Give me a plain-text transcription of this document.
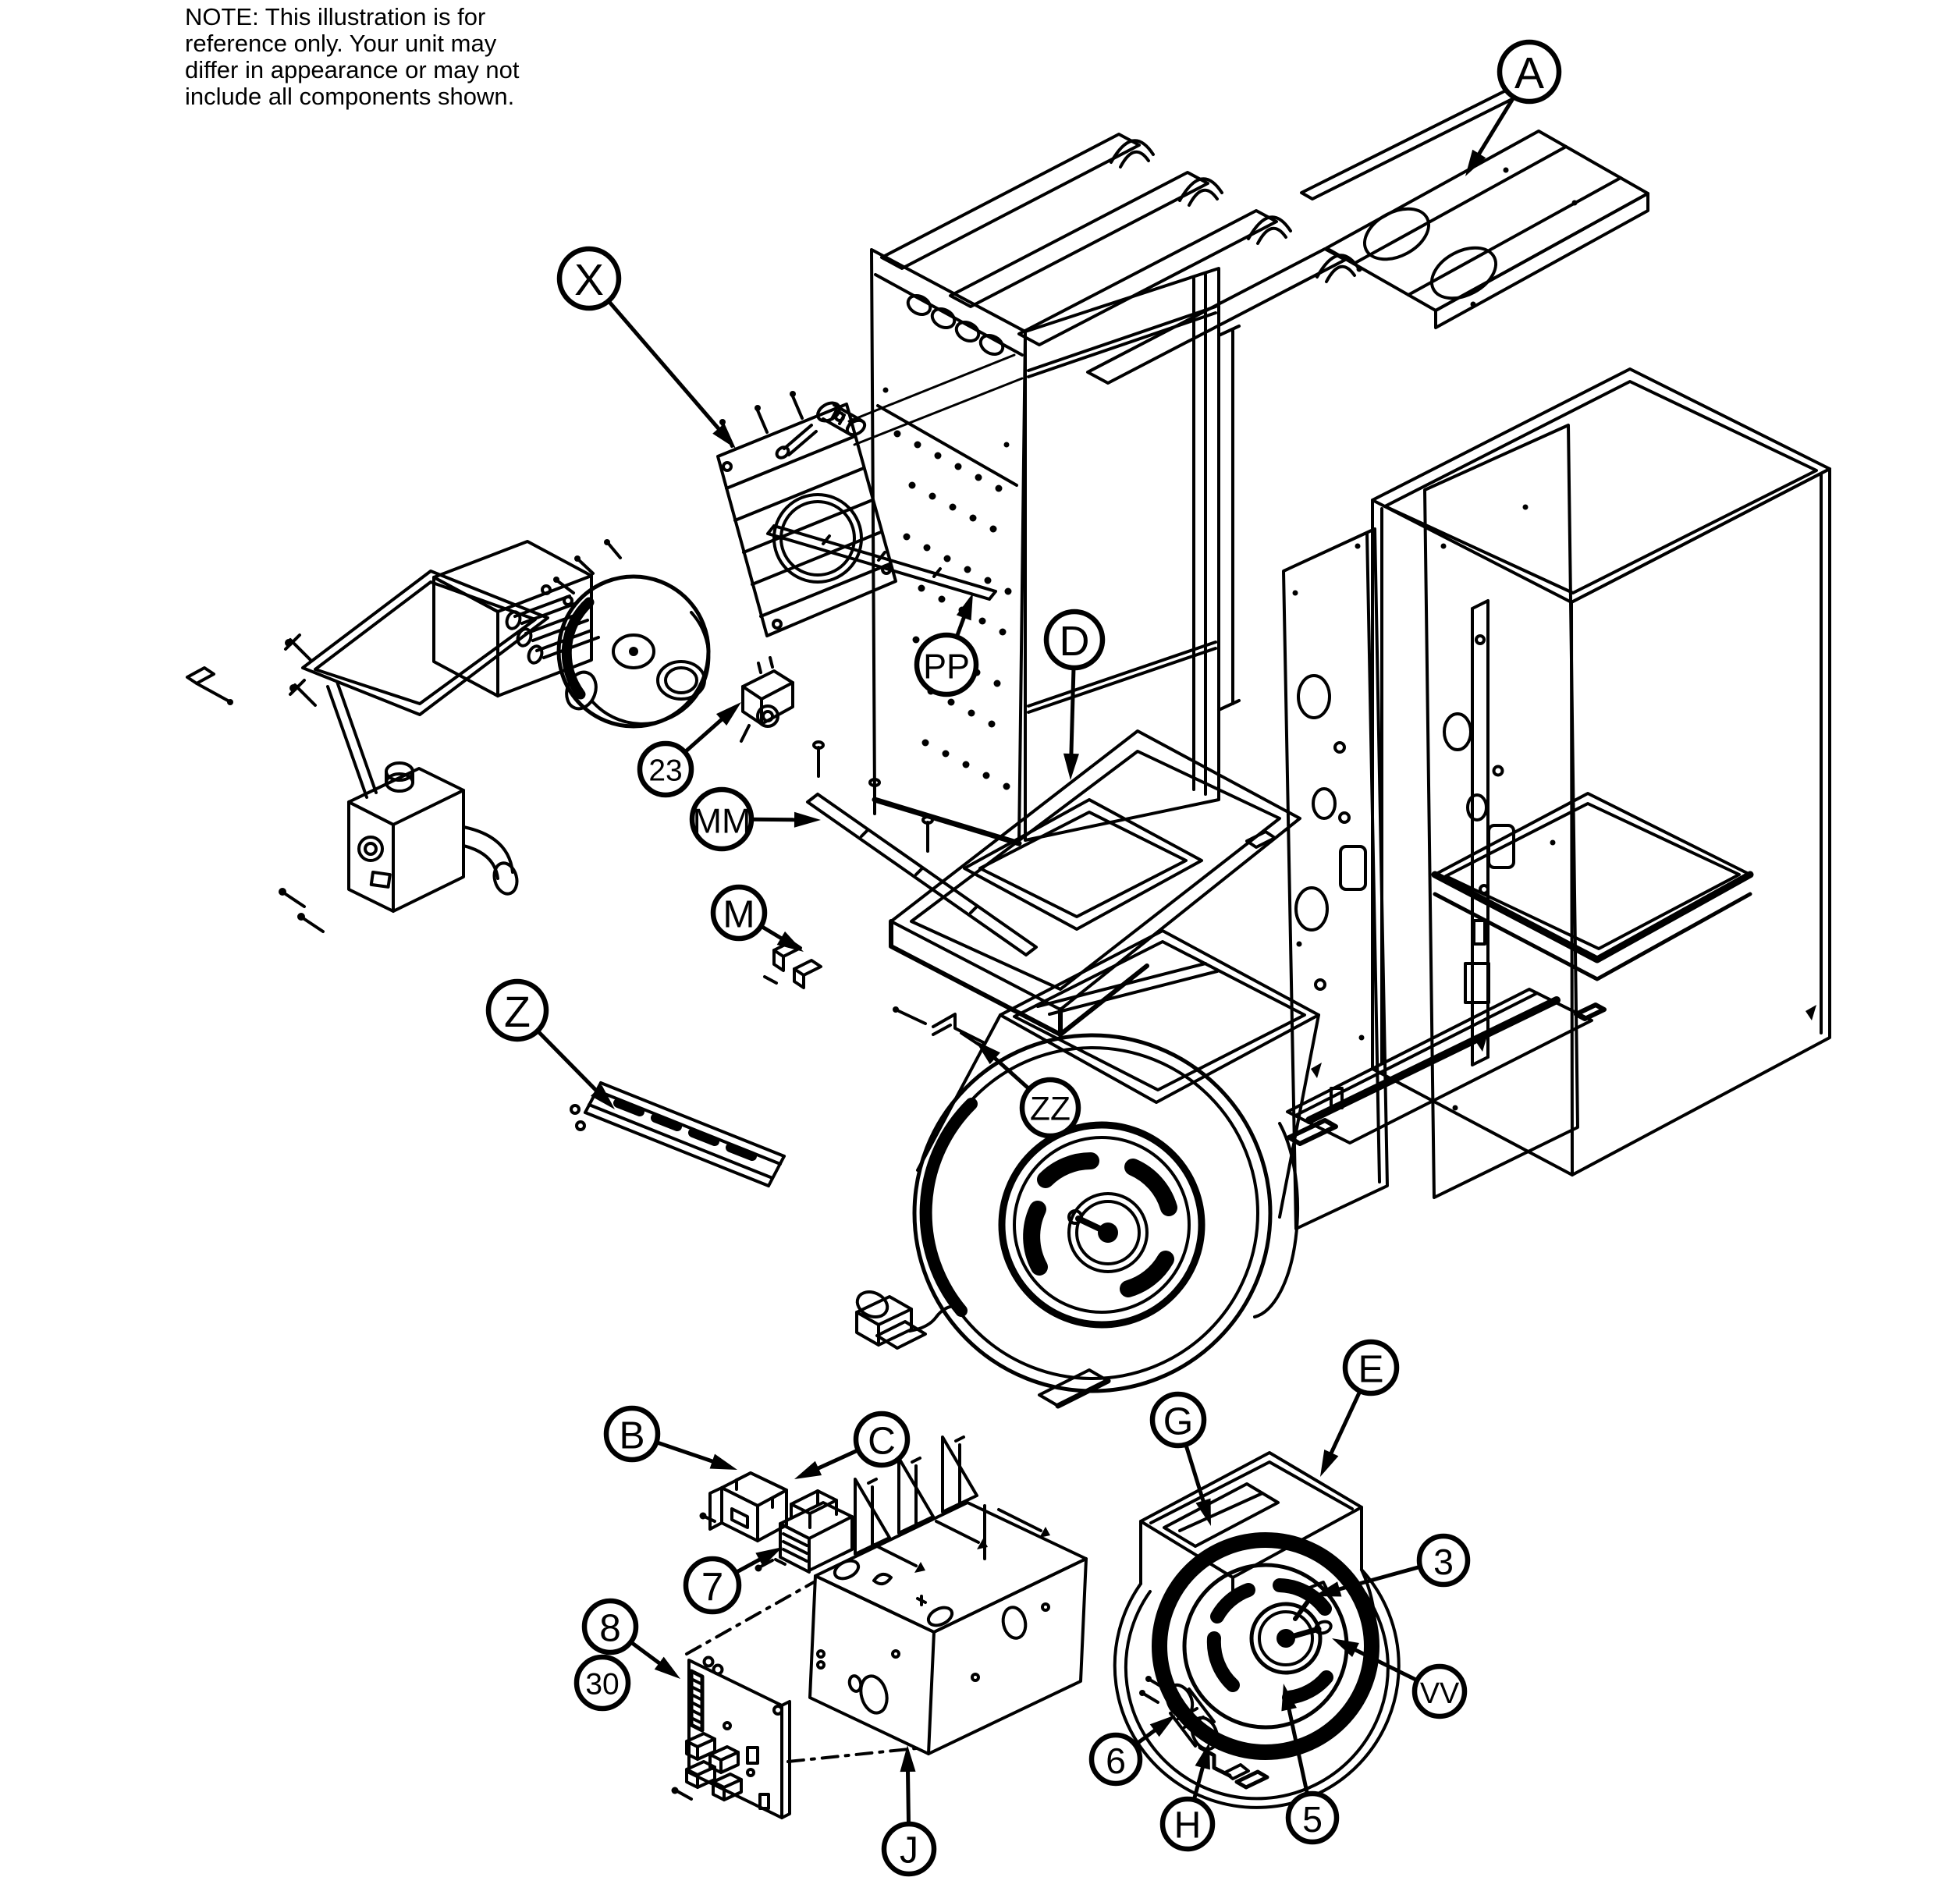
NOTE: This illustration is for
reference only. Your unit may
differ in appearance or may not
include all components shown.	A
X
PP
D
23
MM
M
Z
ZZ
B	C
7
8
30
J
G
E
3
VV
6
H	5
